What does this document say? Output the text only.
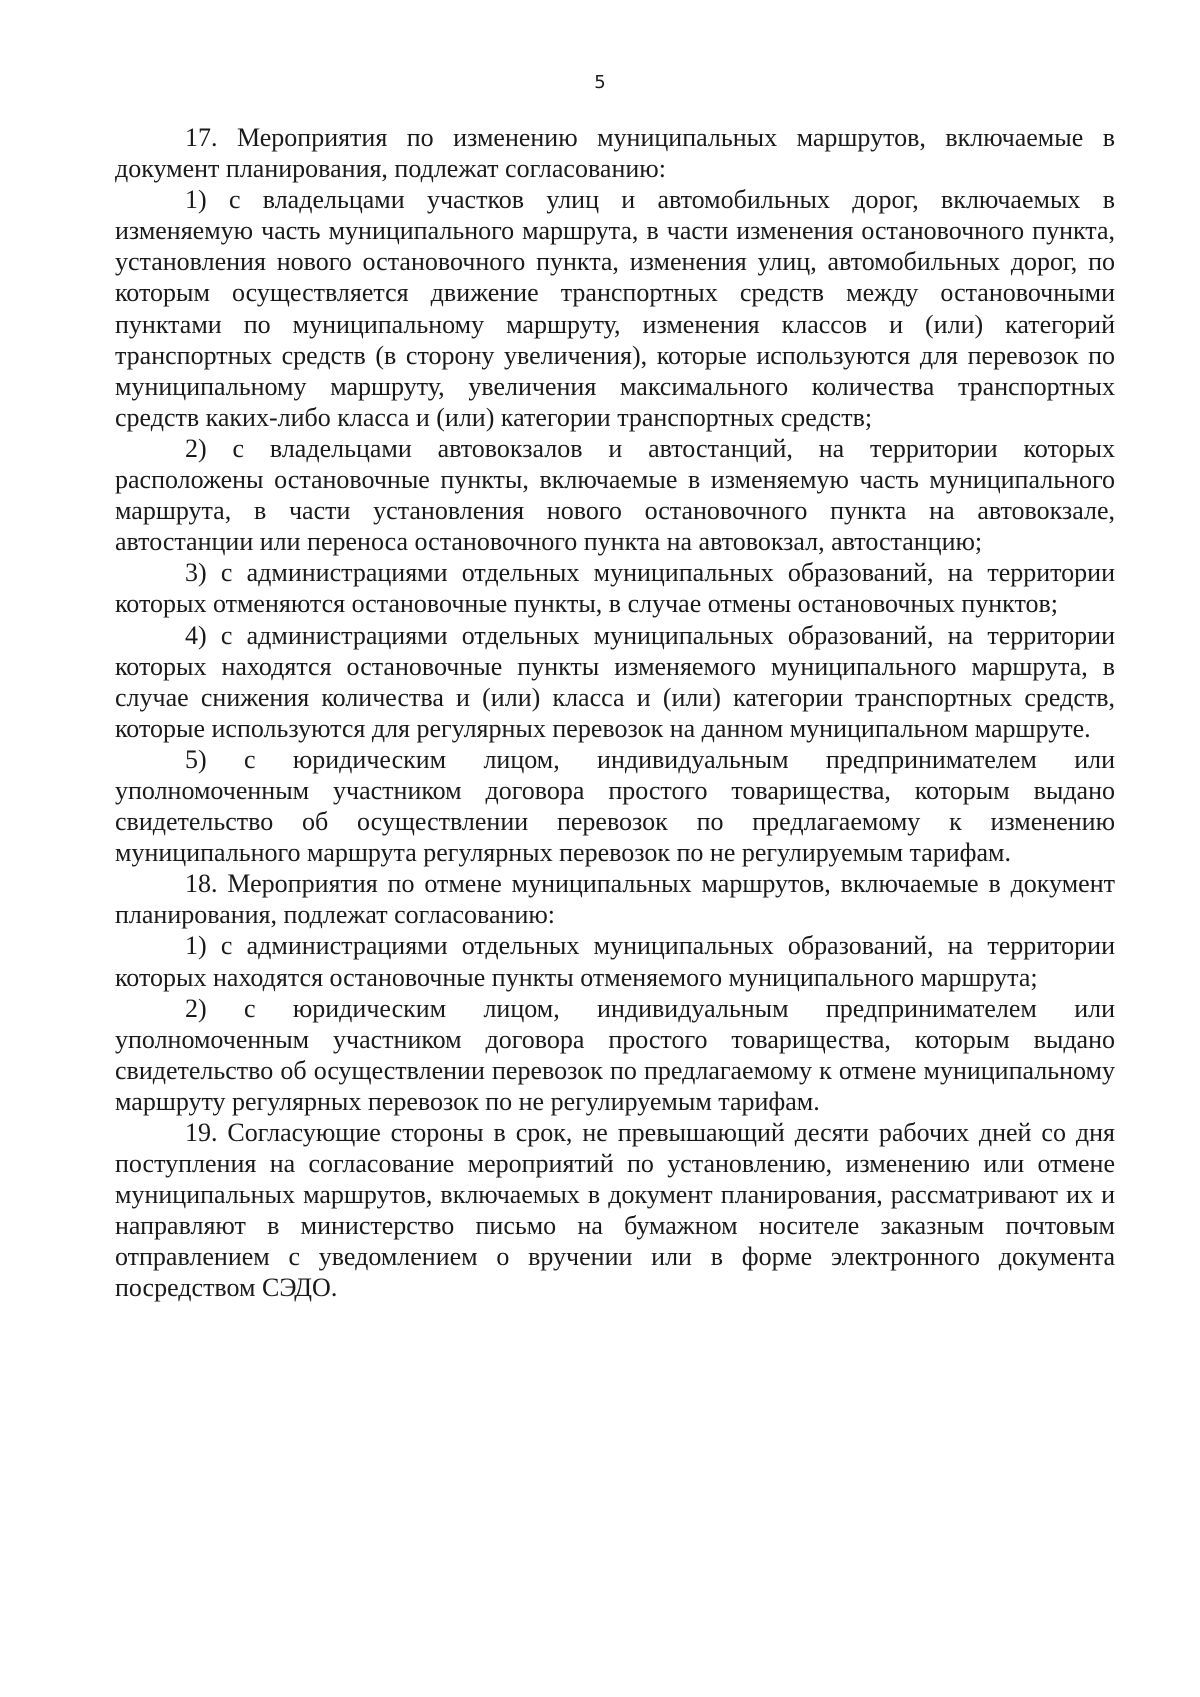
5

17. Мероприятия по изменению муниципальных маршрутов, включаемые в документ планирования, подлежат согласованию:

1) с владельцами участков улиц и автомобильных дорог, включаемых в изменяемую часть муниципального маршрута, в части изменения остановочного пункта, установления нового остановочного пункта, изменения улиц, автомобильных дорог, по которым осуществляется движение транспортных средств между остановочными пунктами по муниципальному маршруту, изменения классов и (или) категорий транспортных средств (в сторону увеличения), которые используются для перевозок по муниципальному маршруту, увеличения максимального количества транспортных средств каких-либо класса и (или) категории транспортных средств;

2) с владельцами автовокзалов и автостанций, на территории которых расположены остановочные пункты, включаемые в изменяемую часть муниципального маршрута, в части установления нового остановочного пункта на автовокзале, автостанции или переноса остановочного пункта на автовокзал, автостанцию;

3) с администрациями отдельных муниципальных образований, на территории которых отменяются остановочные пункты, в случае отмены остановочных пунктов;

4) с администрациями отдельных муниципальных образований, на территории которых находятся остановочные пункты изменяемого муниципального маршрута, в случае снижения количества и (или) класса и (или) категории транспортных средств, которые используются для регулярных перевозок на данном муниципальном маршруте.

5) с юридическим лицом, индивидуальным предпринимателем или уполномоченным участником договора простого товарищества, которым выдано свидетельство об осуществлении перевозок по предлагаемому к изменению муниципального маршрута регулярных перевозок по не регулируемым тарифам.

18. Мероприятия по отмене муниципальных маршрутов, включаемые в документ планирования, подлежат согласованию:

1) с администрациями отдельных муниципальных образований, на территории которых находятся остановочные пункты отменяемого муниципального маршрута;

2) с юридическим лицом, индивидуальным предпринимателем или уполномоченным участником договора простого товарищества, которым выдано свидетельство об осуществлении перевозок по предлагаемому к отмене муниципальному маршруту регулярных перевозок по не регулируемым тарифам.

19. Согласующие стороны в срок, не превышающий десяти рабочих дней со дня поступления на согласование мероприятий по установлению, изменению или отмене муниципальных маршрутов, включаемых в документ планирования, рассматривают их и направляют в министерство письмо на бумажном носителе заказным почтовым отправлением с уведомлением о вручении или в форме электронного документа посредством СЭДО.
